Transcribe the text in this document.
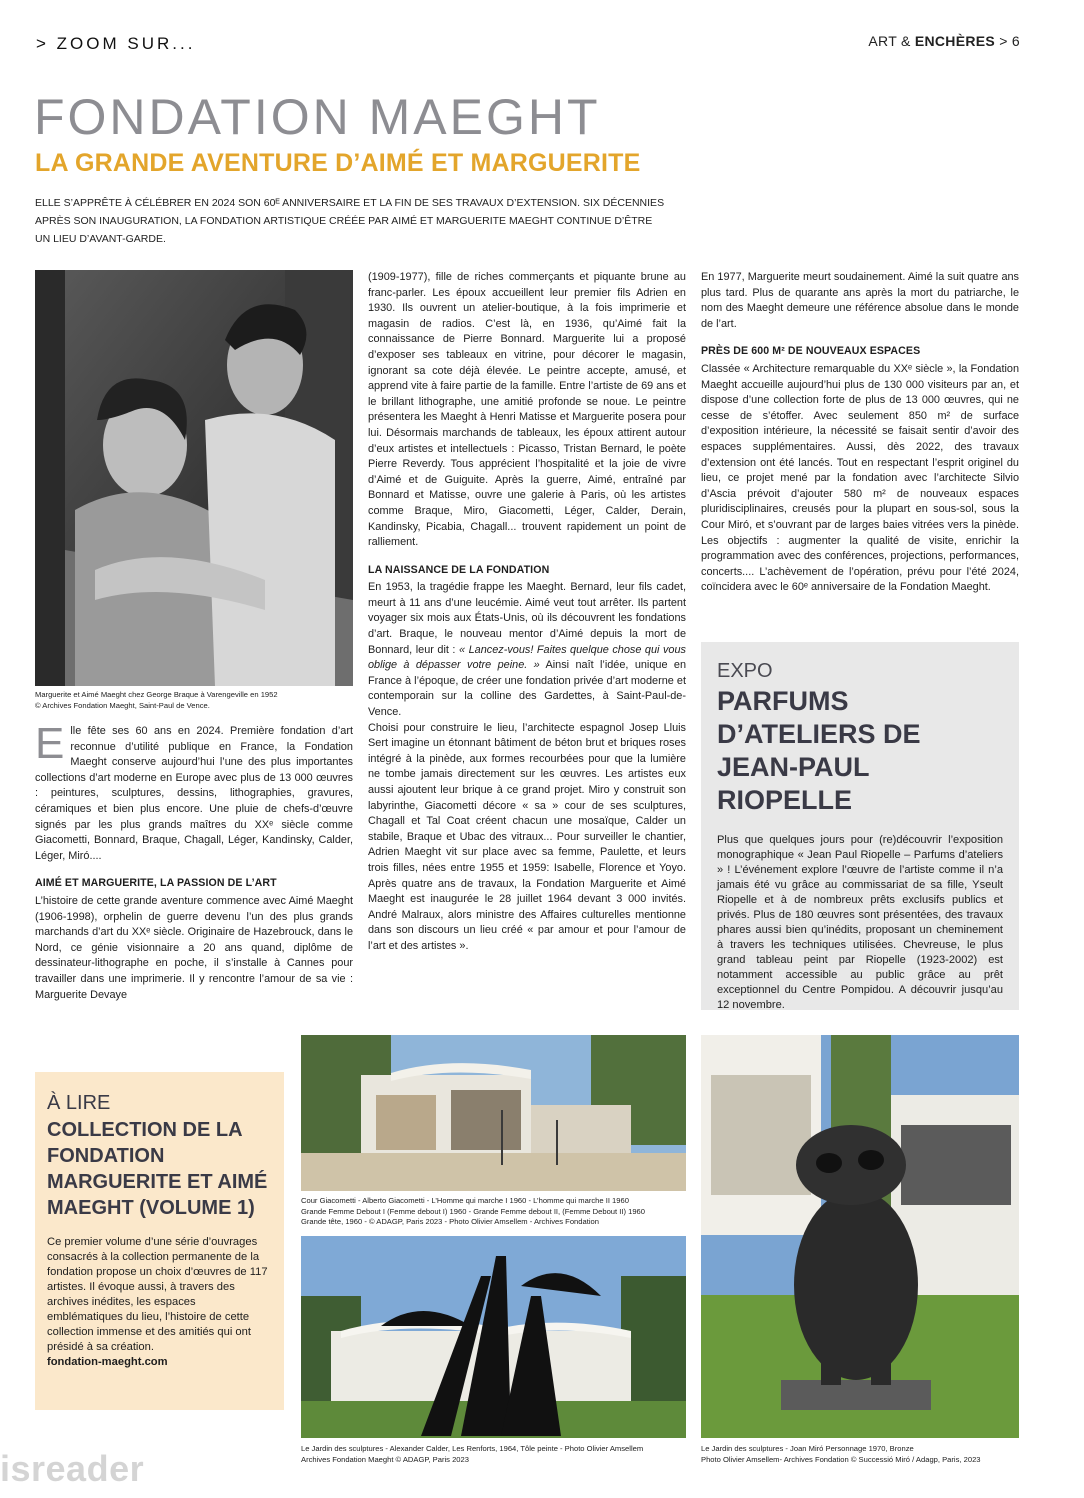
> ZOOM SUR...	ART & ENCHÈRES > 6
FONDATION MAEGHT
LA GRANDE AVENTURE D’AIMÉ ET MARGUERITE

ELLE S’APPRÊTE À CÉLÉBRER EN 2024 SON 60ᴱ ANNIVERSAIRE ET LA FIN DE SES TRAVAUX D’EXTENSION. SIX DÉCENNIES APRÈS SON INAUGURATION, LA FONDATION ARTISTIQUE CRÉÉE PAR AIMÉ ET MARGUERITE MAEGHT CONTINUE D’ÊTRE UN LIEU D’AVANT-GARDE.

Marguerite et Aimé Maeght chez George Braque à Varengeville en 1952
© Archives Fondation Maeght, Saint-Paul de Vence.

Elle fête ses 60 ans en 2024. Première fondation d’art reconnue d’utilité publique en France, la Fondation Maeght conserve aujourd’hui l’une des plus importantes collections d’art moderne en Europe avec plus de 13 000 œuvres : peintures, sculptures, dessins, lithographies, gravures, céramiques et bien plus encore. Une pluie de chefs-d’œuvre signés par les plus grands maîtres du XXᵉ siècle comme Giacometti, Bonnard, Braque, Chagall, Léger, Kandinsky, Calder, Léger, Miró....

AIMÉ ET MARGUERITE, LA PASSION DE L’ART

L’histoire de cette grande aventure commence avec Aimé Maeght (1906-1998), orphelin de guerre devenu l’un des plus grands marchands d’art du XXᵉ siècle. Originaire de Hazebrouck, dans le Nord, ce génie visionnaire a 20 ans quand, diplôme de dessinateur-lithographe en poche, il s’installe à Cannes pour travailler dans une imprimerie. Il y rencontre l’amour de sa vie : Marguerite Devaye

(1909-1977), fille de riches commerçants et piquante brune au franc-parler. Les époux accueillent leur premier fils Adrien en 1930. Ils ouvrent un atelier-boutique, à la fois imprimerie et magasin de radios. C’est là, en 1936, qu’Aimé fait la connaissance de Pierre Bonnard. Marguerite lui a proposé d’exposer ses tableaux en vitrine, pour décorer le magasin, ignorant sa cote déjà élevée. Le peintre accepte, amusé, et apprend vite à faire partie de la famille. Entre l’artiste de 69 ans et le brillant lithographe, une amitié profonde se noue. Le peintre présentera les Maeght à Henri Matisse et Marguerite posera pour lui. Désormais marchands de tableaux, les époux attirent autour d’eux artistes et intellectuels : Picasso, Tristan Bernard, le poète Pierre Reverdy. Tous apprécient l’hospitalité et la joie de vivre d’Aimé et de Guiguite. Après la guerre, Aimé, entraîné par Bonnard et Matisse, ouvre une galerie à Paris, où les artistes comme Braque, Miro, Giacometti, Léger, Calder, Derain, Kandinsky, Picabia, Chagall... trouvent rapidement un point de ralliement.

LA NAISSANCE DE LA FONDATION

En 1953, la tragédie frappe les Maeght. Bernard, leur fils cadet, meurt à 11 ans d’une leucémie. Aimé veut tout arrêter. Ils partent voyager six mois aux États-Unis, où ils découvrent les fondations d’art. Braque, le nouveau mentor d’Aimé depuis la mort de Bonnard, leur dit : « Lancez-vous! Faites quelque chose qui vous oblige à dépasser votre peine. » Ainsi naît l’idée, unique en France à l’époque, de créer une fondation privée d’art moderne et contemporain sur la colline des Gardettes, à Saint-Paul-de-Vence.

Choisi pour construire le lieu, l’architecte espagnol Josep Lluis Sert imagine un étonnant bâtiment de béton brut et briques roses intégré à la pinède, aux formes recourbées pour que la lumière ne tombe jamais directement sur les œuvres. Les artistes eux aussi ajoutent leur brique à ce grand projet. Miro y construit son labyrinthe, Giacometti décore « sa » cour de ses sculptures, Chagall et Tal Coat créent chacun une mosaïque, Calder un stabile, Braque et Ubac des vitraux... Pour surveiller le chantier, Adrien Maeght vit sur place avec sa femme, Paulette, et leurs trois filles, nées entre 1955 et 1959: Isabelle, Florence et Yoyo. Après quatre ans de travaux, la Fondation Marguerite et Aimé Maeght est inaugurée le 28 juillet 1964 devant 3 000 invités. André Malraux, alors ministre des Affaires culturelles mentionne dans son discours un lieu créé « par amour et pour l’amour de l’art et des artistes ».

En 1977, Marguerite meurt soudainement. Aimé la suit quatre ans plus tard. Plus de quarante ans après la mort du patriarche, le nom des Maeght demeure une référence absolue dans le monde de l’art.

PRÈS DE 600 M² DE NOUVEAUX ESPACES

Classée « Architecture remarquable du XXᵉ siècle », la Fondation Maeght accueille aujourd’hui plus de 130 000 visiteurs par an, et dispose d’une collection forte de plus de 13 000 œuvres, qui ne cesse de s’étoffer. Avec seulement 850 m² de surface d’exposition intérieure, la nécessité se faisait sentir d’avoir des espaces supplémentaires. Aussi, dès 2022, des travaux d’extension ont été lancés. Tout en respectant l’esprit originel du lieu, ce projet mené par la fondation avec l’architecte Silvio d’Ascia prévoit d’ajouter 580 m² de nouveaux espaces pluridisciplinaires, creusés pour la plupart en sous-sol, sous la Cour Miró, et s’ouvrant par de larges baies vitrées vers la pinède. Les objectifs : augmenter la qualité de visite, enrichir la programmation avec des conférences, projections, performances, concerts.... L’achèvement de l’opération, prévu pour l’été 2024, coïncidera avec le 60ᵉ anniversaire de la Fondation Maeght.

EXPO
PARFUMS D’ATELIERS DE JEAN-PAUL RIOPELLE

Plus que quelques jours pour (re)découvrir l’exposition monographique « Jean Paul Riopelle – Parfums d’ateliers » ! L’événement explore l’œuvre de l’artiste comme il n’a jamais été vu grâce au commissariat de sa fille, Yseult Riopelle et à de nombreux prêts exclusifs publics et privés. Plus de 180 œuvres sont présentées, des travaux phares aussi bien qu’inédits, proposant un cheminement à travers les techniques utilisées. Chevreuse, le plus grand tableau peint par Riopelle (1923-2002) est notamment accessible au public grâce au prêt exceptionnel du Centre Pompidou. A découvrir jusqu’au 12 novembre.

À LIRE
COLLECTION DE LA FONDATION MARGUERITE ET AIMÉ MAEGHT (VOLUME 1)

Ce premier volume d’une série d’ouvrages consacrés à la collection permanente de la fondation propose un choix d’œuvres de 117 artistes. Il évoque aussi, à travers des archives inédites, les espaces emblématiques du lieu, l’histoire de cette collection immense et des amitiés qui ont présidé à sa création.
fondation-maeght.com

Cour Giacometti - Alberto Giacometti - L’Homme qui marche I 1960 - L’homme qui marche II 1960
Grande Femme Debout I (Femme debout I) 1960 - Grande Femme debout II, (Femme Debout II) 1960
Grande tête, 1960 - © ADAGP, Paris 2023 - Photo Olivier Amsellem - Archives Fondation
Le Jardin des sculptures - Alexander Calder, Les Renforts, 1964, Tôle peinte - Photo Olivier Amsellem
Archives Fondation Maeght © ADAGP, Paris 2023
Le Jardin des sculptures - Joan Miró Personnage 1970, Bronze
Photo Olivier Amsellem- Archives Fondation © Successió Miró / Adagp, Paris, 2023
isreader
